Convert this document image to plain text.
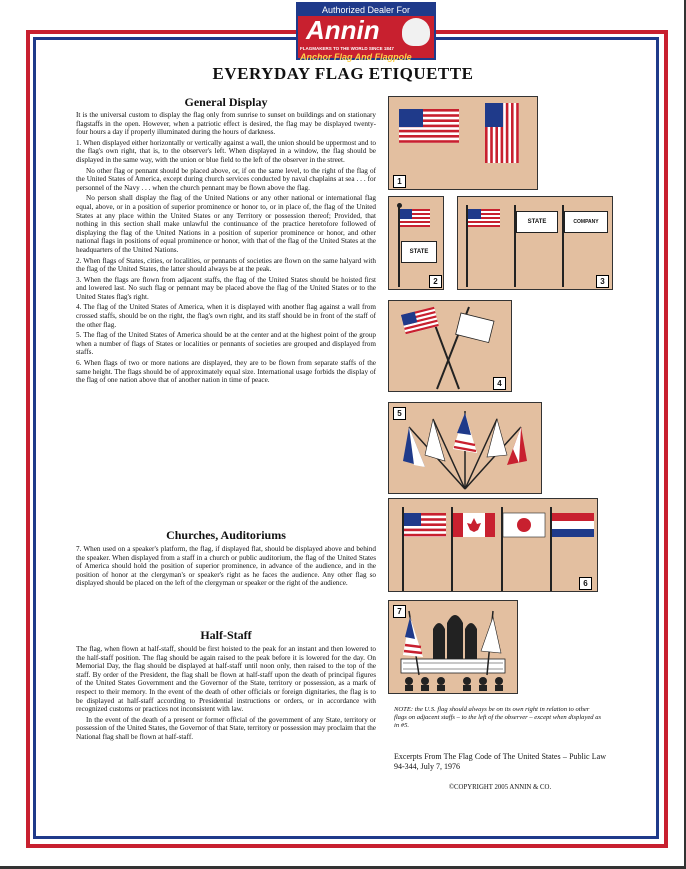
Authorized Dealer For
Annin
FLAGMAKERS TO THE WORLD SINCE 1847
Anchor Flag And Flagpole
EVERYDAY FLAG ETIQUETTE
General Display

It is the universal custom to display the flag only from sunrise to sunset on buildings and on stationary flagstaffs in the open. However, when a patriotic effect is desired, the flag may be displayed twenty-four hours a day if properly illuminated during the hours of darkness.

1. When displayed either horizontally or vertically against a wall, the union should be uppermost and to the flag's own right, that is, to the observer's left. When displayed in a window, the flag should be displayed in the same way, with the union or blue field to the left of the observer in the street.

No other flag or pennant should be placed above, or, if on the same level, to the right of the flag of the United States of America, except during church services conducted by naval chaplains at sea . . . for personnel of the Navy . . . when the church pennant may be flown above the flag.

No person shall display the flag of the United Nations or any other national or international flag equal, above, or in a position of superior prominence or honor to, or in place of, the flag of the United States at any place within the United States or any Territory or possession thereof; Provided, that nothing in this section shall make unlawful the continuance of the practice heretofore followed of displaying the flag of the United Nations in a position of superior prominence or honor, and other national flags in positions of equal prominence or honor, with that of the flag of the United States at the headquarters of the United Nations.

2. When flags of States, cities, or localities, or pennants of societies are flown on the same halyard with the flag of the United States, the latter should always be at the peak.

3. When the flags are flown from adjacent staffs, the flag of the United States should be hoisted first and lowered last. No such flag or pennant may be placed above the flag of the United States or to the United States flag's right.

4. The flag of the United States of America, when it is displayed with another flag against a wall from crossed staffs, should be on the right, the flag's own right, and its staff should be in front of the staff of the other flag.

5. The flag of the United States of America should be at the center and at the highest point of the group when a number of flags of States or localities or pennants of societies are grouped and displayed from staffs.

6. When flags of two or more nations are displayed, they are to be flown from separate staffs of the same height. The flags should be of approximately equal size. International usage forbids the display of the flag of one nation above that of another nation in time of peace.

Churches, Auditoriums

7. When used on a speaker's platform, the flag, if displayed flat, should be displayed above and behind the speaker. When displayed from a staff in a church or public auditorium, the flag of the United States of America should hold the position of superior prominence, in advance of the audience, and in the position of honor at the clergyman's or speaker's right as he faces the audience. Any other flag so displayed should be placed on the left of the clergyman or speaker or the right of the audience.

Half-Staff

The flag, when flown at half-staff, should be first hoisted to the peak for an instant and then lowered to the half-staff position. The flag should be again raised to the peak before it is lowered for the day. On Memorial Day, the flag should be displayed at half-staff until noon only, then raised to the top of the staff. By order of the President, the flag shall be flown at half-staff upon the death of principal figures of the United States Government and the Governor of the State, territory or possession, as a mark of respect to their memory. In the event of the death of other officials or foreign dignitaries, the flag is to be displayed at half-staff according to Presidential instructions or orders, or in accordance with recognized customs or practices not inconsistent with law.

In the event of the death of a present or former official of the government of any State, territory or possession of the United States, the Governor of that State, territory or possession may proclaim that the National flag shall be flown at half-staff.

1
STATE
2
STATE	COMPANY
3
4
5
6
7
NOTE: the U.S. flag should always be on its own right in relation to other flags on adjacent staffs – to the left of the observer – except when displayed as in #5.
Excerpts From The Flag Code of The United States – Public Law 94-344, July 7, 1976
©COPYRIGHT 2005 ANNIN & CO.
